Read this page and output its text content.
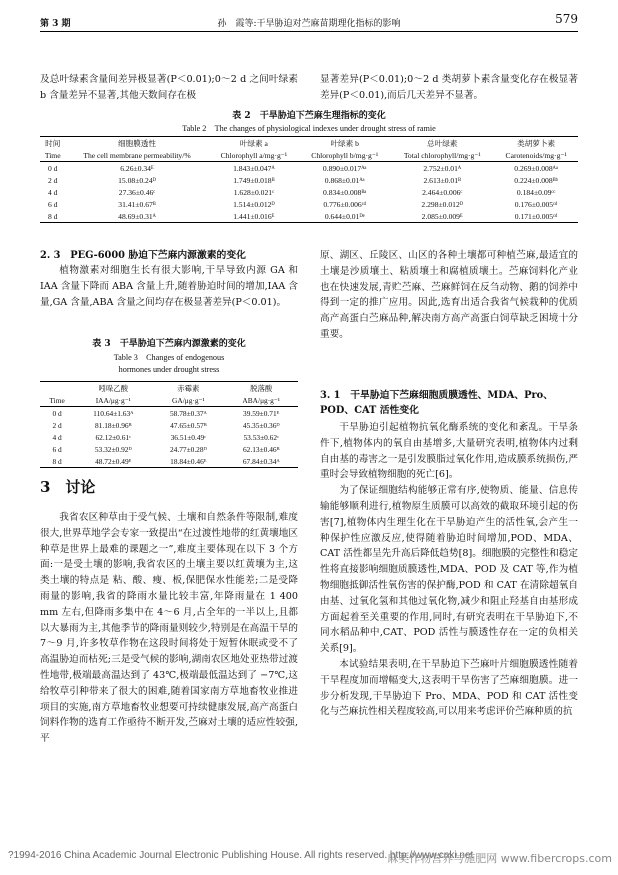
第 3 期	孙　霞等:干旱胁迫对苎麻苗期理化指标的影响	579

及总叶绿素含量间差异极显著(P＜0.01);0～2 d 之间叶绿素 b 含量差异不显著,其他天数间存在极

显著差异(P＜0.01);0～2 d 类胡萝卜素含量变化存在极显著差异(P＜0.01),而后几天差异不显著。

表 2　干旱胁迫下苎麻生理指标的变化
Table 2　The changes of physiological indexes under drought stress of ramie
时间	细胞膜透性	叶绿素 a	叶绿素 b	总叶绿素	类胡萝卜素
Time	The cell membrane permeability/%	Chlorophyll a/mg·g⁻¹	Chlorophyll b/mg·g⁻¹	Total chlorophyll/mg·g⁻¹	Carotenoids/mg·g⁻¹
0 d	6.26±0.34ᴱ	1.843±0.047ᴬ	0.890±0.017ᴬᵃ	2.752±0.01ᴬ	0.269±0.008ᴬᵃ
2 d	15.08±0.24ᴰ	1.749±0.018ᴮ	0.868±0.01ᴬᵃ	2.613±0.01ᴮ	0.224±0.008ᴮᵇ
4 d	27.36±0.46ᶜ	1.628±0.021ᶜ	0.834±0.008ᴮᵃ	2.464±0.006ᶜ	0.184±0.09ᶜᶜ
6 d	31.41±0.67ᴮ	1.514±0.012ᴰ	0.776±0.006ᶜᵈ	2.298±0.012ᴰ	0.176±0.005ᶜᵈ
8 d	48.69±0.31ᴬ	1.441±0.016ᴱ	0.644±0.01ᴰᵉ	2.085±0.009ᴱ	0.171±0.005ᶜᵈ
2. 3　PEG-6000 胁迫下苎麻内源激素的变化

植物激素对细胞生长有很大影响,干旱导致内源 GA 和 IAA 含量下降而 ABA 含量上升,随着胁迫时间的增加,IAA 含量,GA 含量,ABA 含量之间均存在极显著差异(P＜0.01)。

表 3　干旱胁迫下苎麻内源激素的变化
Table 3　Changes of endogenous
hormones under drought stress
	吲哚乙酸	赤霉素	脱落酸
Time	IAA/μg·g⁻¹	GA/μg·g⁻¹	ABA/μg·g⁻¹
0 d	110.64±1.63ᴬ	58.78±0.37ᴬ	39.59±0.71ᴱ
2 d	81.18±0.96ᴮ	47.65±0.57ᴮ	45.35±0.36ᴰ
4 d	62.12±0.61ᶜ	36.51±0.49ᶜ	53.53±0.62ᶜ
6 d	53.32±0.92ᴰ	24.77±0.28ᴰ	62.13±0.46ᴮ
8 d	48.72±0.49ᴱ	18.84±0.46ᴱ	67.84±0.34ᴬ
3　讨论

我省农区种草由于受气候、土壤和自然条件等限制,难度很大,世界草地学会专家一致提出“在过渡性地带的红黄壤地区种草是世界上最难的课题之一”,难度主要体现在以下 3 个方面:一是受土壤的影响,我省农区的土壤主要以红黄壤为主,这类土壤的特点是 粘、酸、瘦、板,保肥保水性能差;二是受降雨量的影响,我省的降雨水量比较丰富,年降雨量在 1 400 mm 左右,但降雨多集中在 4～6 月,占全年的一半以上,且都以大暴雨为主,其他季节的降雨量则较少,特别是在高温干旱的 7～9 月,许多牧草作物在这段时间将处于短暂休眠或受不了高温胁迫而枯死;三是受气候的影响,湖南农区地处亚热带过渡性地带,极端最高温达到了 43℃,极端最低温达到了 −7℃,这给牧草引种带来了很大的困难,随着国家南方草地畜牧业推进项目的实施,南方草地畜牧业想要可持续健康发展,高产高蛋白饲料作物的选育工作亟待不断开发,苎麻对土壤的适应性较强,平

原、湖区、丘陵区、山区的各种土壤都可种植苎麻,最适宜的土壤是沙质壤土、粘质壤土和腐植质壤土。苎麻饲料化产业也在快速发展,青贮苎麻、苎麻鲜饲在反刍动物、鹅的饲养中得到一定的推广应用。因此,选育出适合我省气候栽种的优质高产高蛋白苎麻品种,解决南方高产高蛋白饲草缺乏困境十分重要。

3. 1　干旱胁迫下苎麻细胞质膜透性、MDA、Pro、POD、CAT 活性变化

干旱胁迫引起植物抗氧化酶系统的变化和紊乱。干旱条件下,植物体内的氧自由基增多,大量研究表明,植物体内过剩自由基的毒害之一是引发膜脂过氧化作用,造成膜系统损伤,严重时会导致植物细胞的死亡[6]。

为了保证细胞结构能够正常有序,使物质、能量、信息传输能够顺利进行,植物原生质膜可以高效的截取环境引起的伤害[7],植物体内生理生化在干旱胁迫产生的活性氧,会产生一种保护性应激反应,使得随着胁迫时间增加,POD、MDA、CAT 活性都呈先升高后降低趋势[8]。细胞膜的完整性和稳定性将直接影响细胞质膜透性,MDA、POD 及 CAT 等,作为植物细胞抵御活性氧伤害的保护酶,POD 和 CAT 在清除超氧自由基、过氧化氢和其他过氧化物,减少和阻止羟基自由基形成方面起着至关重要的作用,同时,有研究表明在干旱胁迫下,不同水稻品种中,CAT、POD 活性与膜透性存在一定的负相关关系[9]。

本试验结果表明,在干旱胁迫下苎麻叶片细胞膜透性随着干旱程度加而增幅变大,这表明干旱伤害了苎麻细胞膜。进一步分析发现,干旱胁迫下 Pro、MDA、POD 和 CAT 活性变化与苎麻抗性相关程度较高,可以用来考虑评价苎麻种质的抗

?1994-2016 China Academic Journal Electronic Publishing House. All rights reserved. http://www.cnki.net
麻类作物营养与施肥网 www.fibercrops.com
